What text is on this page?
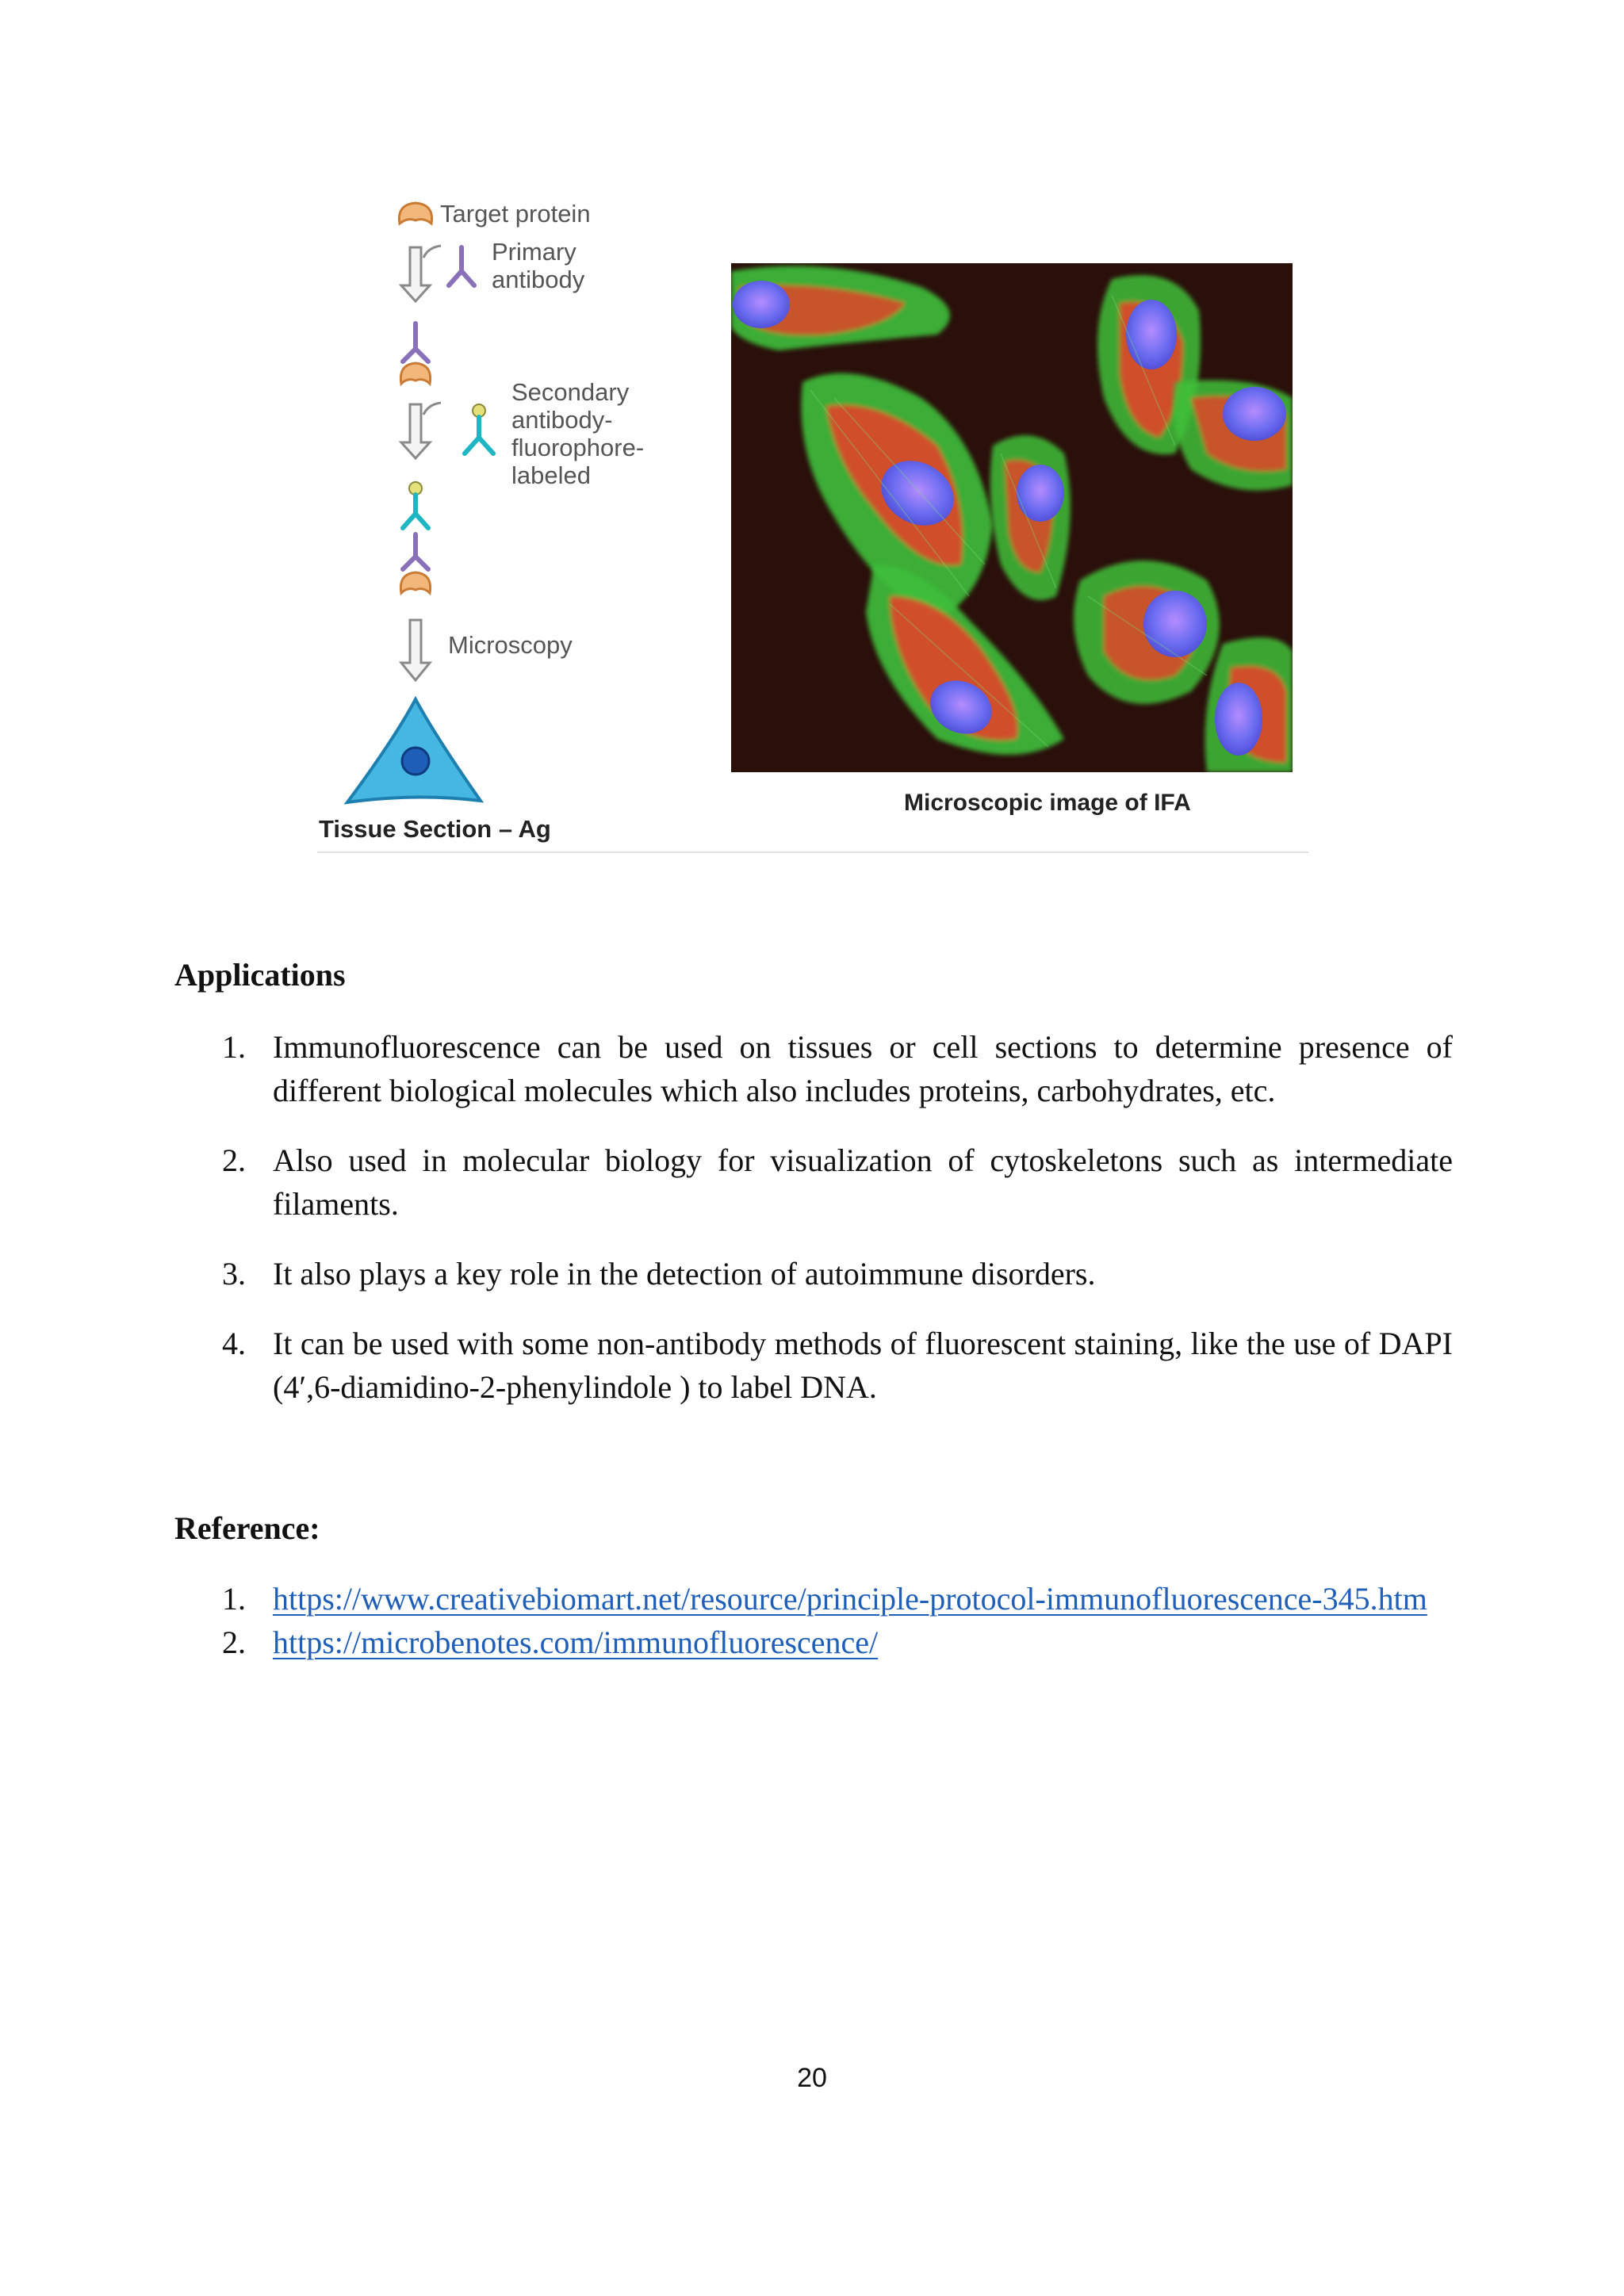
Target protein
Primary
antibody
Secondary
antibody-
fluorophore-
labeled
Microscopy
Tissue Section – Ag
Microscopic image of IFA
Applications
1. Immunofluorescence can be used on tissues or cell sections to determine presence of different biological molecules which also includes proteins, carbohydrates, etc.
2. Also used in molecular biology for visualization of cytoskeletons such as intermediate filaments.
3. It also plays a key role in the detection of autoimmune disorders.
4. It can be used with some non-antibody methods of fluorescent staining, like the use of DAPI (4′,6-diamidino-2-phenylindole ) to label DNA.
Reference:
1. https://www.creativebiomart.net/resource/principle-protocol-immunofluorescence-345.htm
2. https://microbenotes.com/immunofluorescence/
20
